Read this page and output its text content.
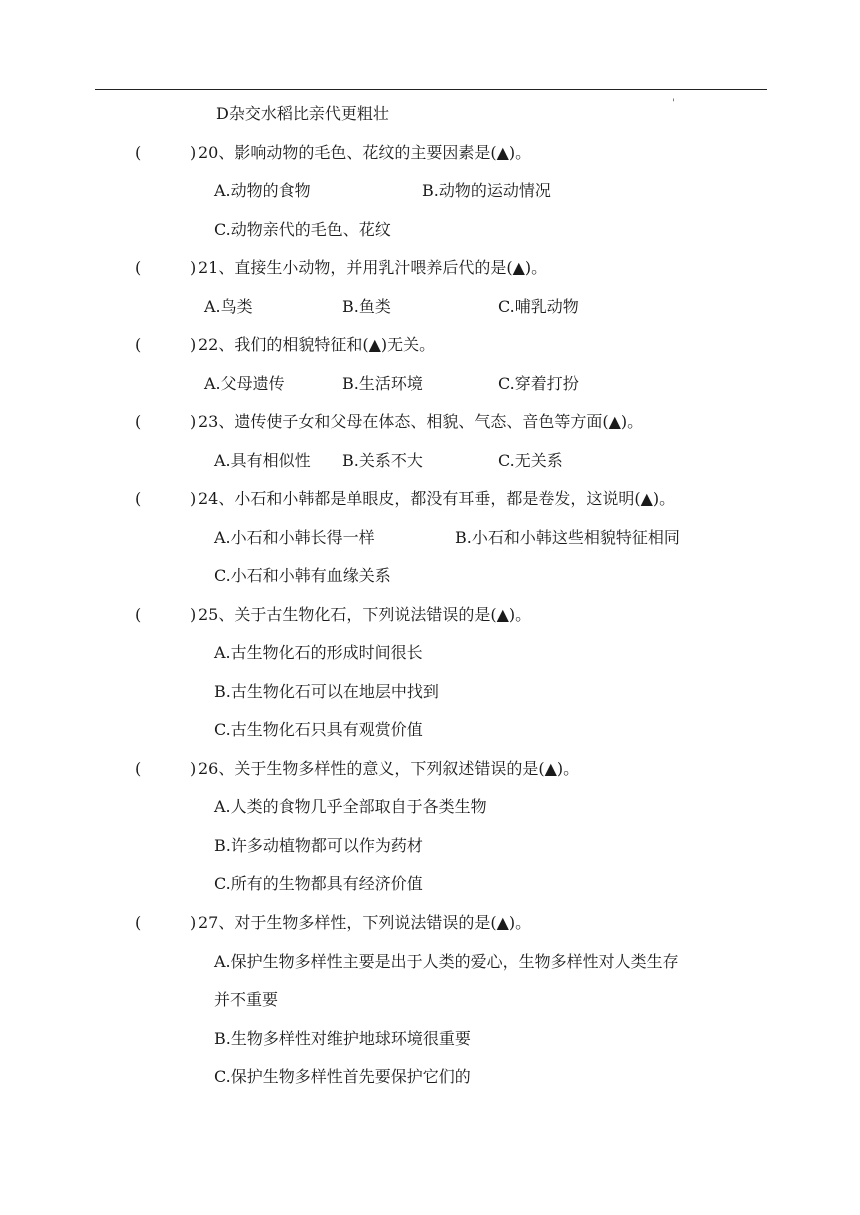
'
D杂交水稻比亲代更粗壮
(	) 20、影响动物的毛色、花纹的主要因素是(▲)。
A.动物的食物	B.动物的运动情况
C.动物亲代的毛色、花纹
(	) 21、直接生小动物，并用乳汁喂养后代的是(▲)。
A.鸟类	B.鱼类	C.哺乳动物
(	) 22、我们的相貌特征和(▲)无关。
A.父母遗传	B.生活环境	C.穿着打扮
(	) 23、遗传使子女和父母在体态、相貌、气态、音色等方面(▲)。
A.具有相似性 B.关系不大	C.无关系
(	) 24、小石和小韩都是单眼皮，都没有耳垂，都是卷发，这说明(▲)。
A.小石和小韩长得一样	B.小石和小韩这些相貌特征相同
C.小石和小韩有血缘关系
(	) 25、关于古生物化石，下列说法错误的是(▲)。
A.古生物化石的形成时间很长
B.古生物化石可以在地层中找到
C.古生物化石只具有观赏价值
(	) 26、关于生物多样性的意义，下列叙述错误的是(▲)。
A.人类的食物几乎全部取自于各类生物
B.许多动植物都可以作为药材
C.所有的生物都具有经济价值
(	) 27、对于生物多样性，下列说法错误的是(▲)。
A.保护生物多样性主要是出于人类的爱心，生物多样性对人类生存
并不重要
B.生物多样性对维护地球环境很重要
C.保护生物多样性首先要保护它们的
